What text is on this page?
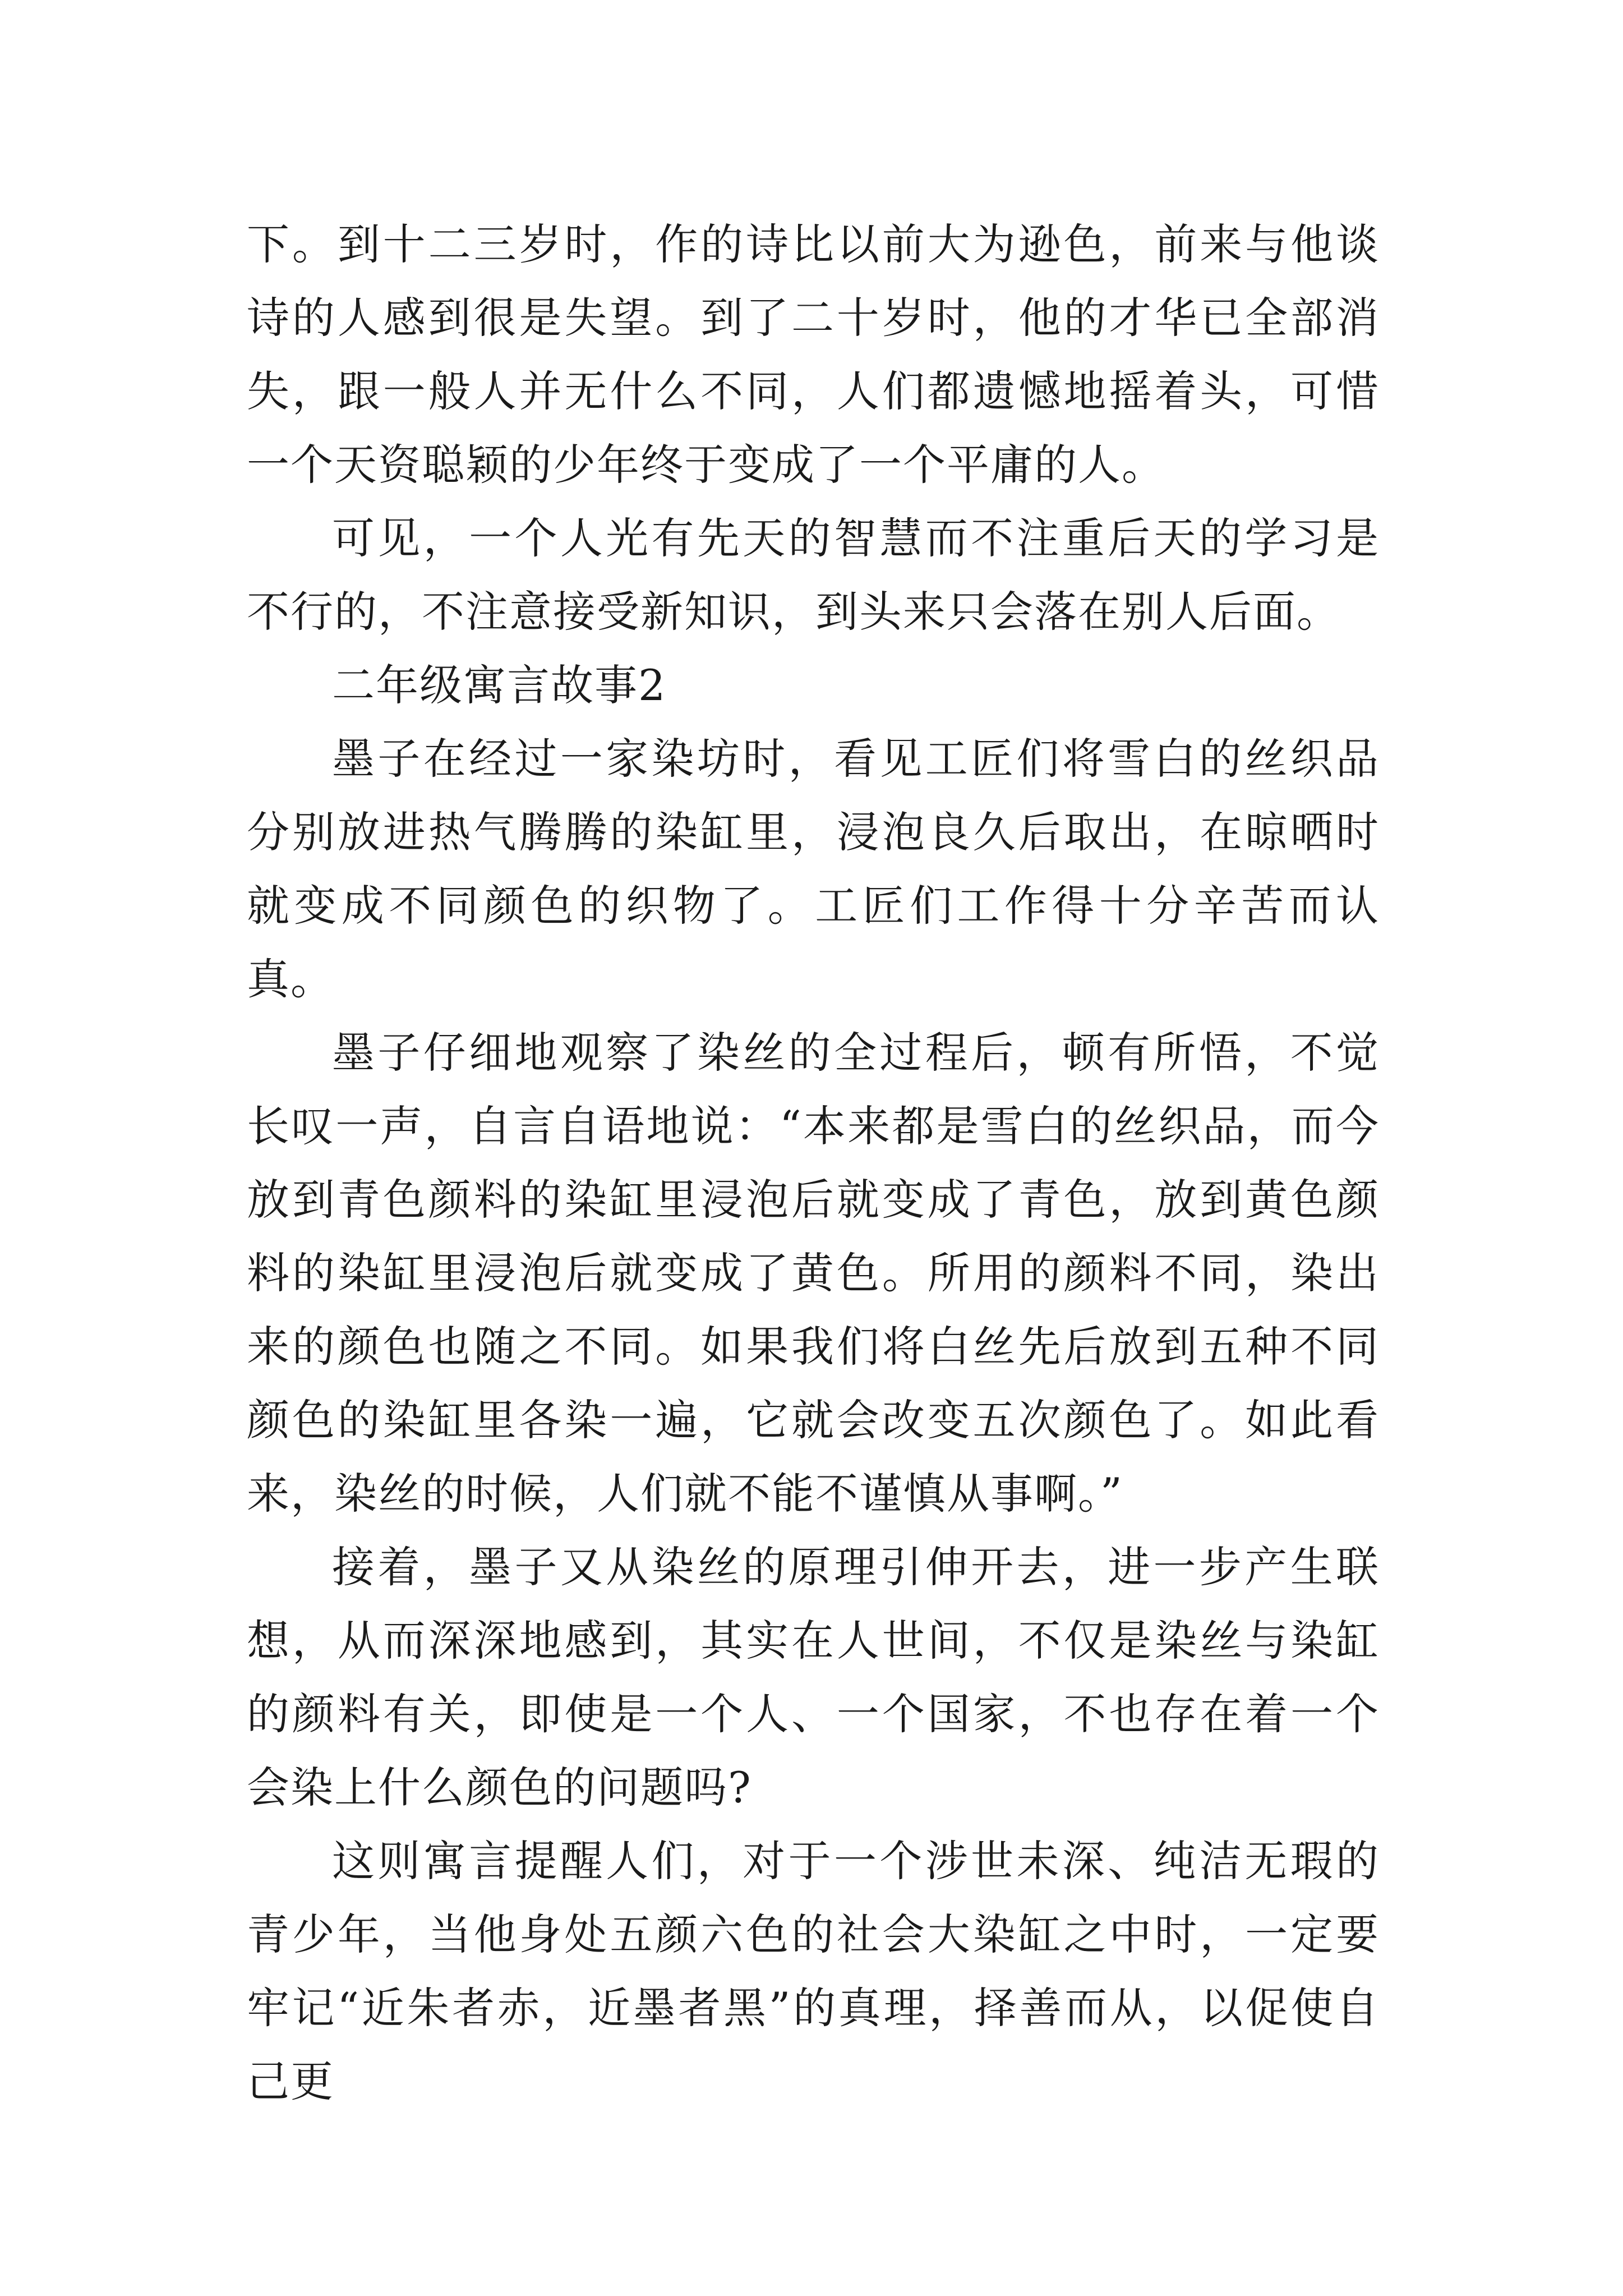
下。到十二三岁时，作的诗比以前大为逊色，前来与他谈诗的人感到很是失望。到了二十岁时，他的才华已全部消失，跟一般人并无什么不同，人们都遗憾地摇着头，可惜一个天资聪颖的少年终于变成了一个平庸的人。

可见，一个人光有先天的智慧而不注重后天的学习是不行的，不注意接受新知识，到头来只会落在别人后面。

二年级寓言故事2

墨子在经过一家染坊时，看见工匠们将雪白的丝织品分别放进热气腾腾的染缸里，浸泡良久后取出，在晾晒时就变成不同颜色的织物了。工匠们工作得十分辛苦而认真。

墨子仔细地观察了染丝的全过程后，顿有所悟，不觉长叹一声，自言自语地说：“本来都是雪白的丝织品，而今放到青色颜料的染缸里浸泡后就变成了青色，放到黄色颜料的染缸里浸泡后就变成了黄色。所用的颜料不同，染出来的颜色也随之不同。如果我们将白丝先后放到五种不同颜色的染缸里各染一遍，它就会改变五次颜色了。如此看来，染丝的时候，人们就不能不谨慎从事啊。”

接着，墨子又从染丝的原理引伸开去，进一步产生联想，从而深深地感到，其实在人世间，不仅是染丝与染缸的颜料有关，即使是一个人、一个国家，不也存在着一个会染上什么颜色的问题吗?

这则寓言提醒人们，对于一个涉世未深、纯洁无瑕的青少年，当他身处五颜六色的社会大染缸之中时，一定要牢记“近朱者赤，近墨者黑”的真理，择善而从，以促使自己更
